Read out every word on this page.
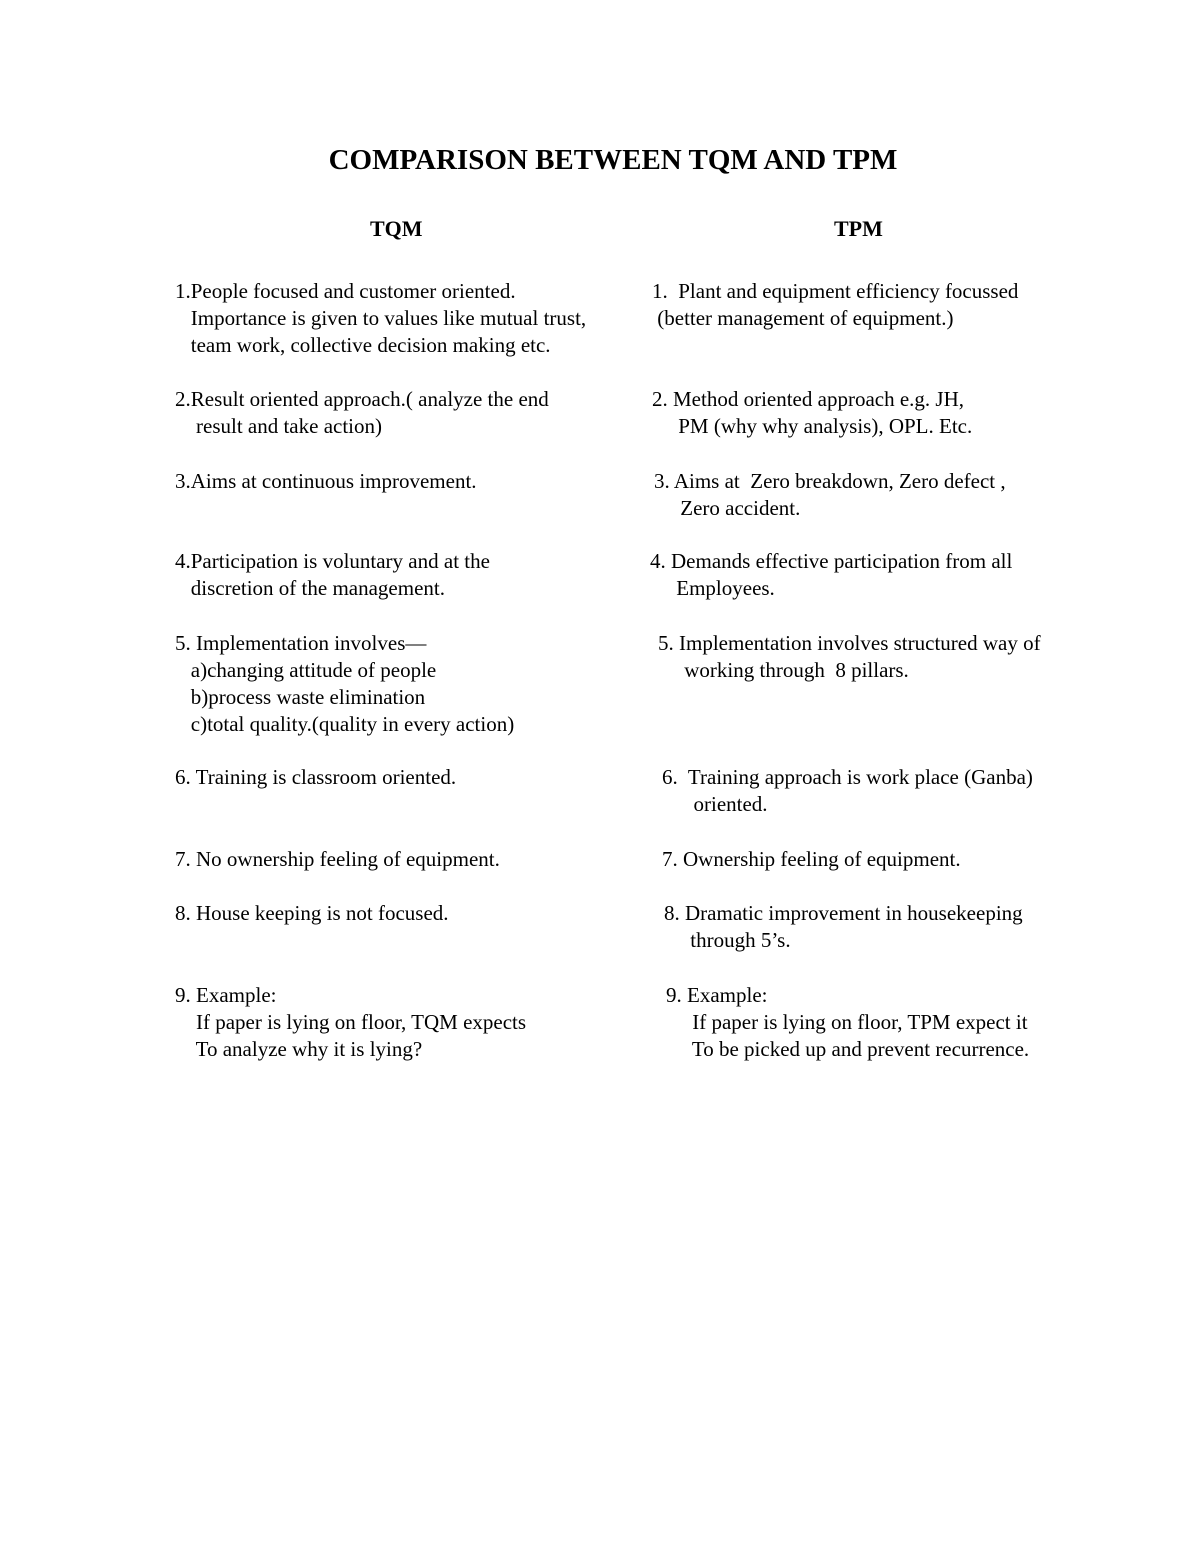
COMPARISON BETWEEN TQM AND TPM
TQM	TPM
1.People focused and customer oriented.
Importance is given to values like mutual trust,
team work, collective decision making etc.
2.Result oriented approach.( analyze the end
result and take action)
3.Aims at continuous improvement.
4.Participation is voluntary and at the
discretion of the management.
5. Implementation involves—
a)changing attitude of people
b)process waste elimination
c)total quality.(quality in every action)
6. Training is classroom oriented.
7. No ownership feeling of equipment.
8. House keeping is not focused.
9. Example:
If paper is lying on floor, TQM expects
To analyze why it is lying?
1.  Plant and equipment efficiency focussed
(better management of equipment.)
2. Method oriented approach e.g. JH,
PM (why why analysis), OPL. Etc.
3. Aims at  Zero breakdown, Zero defect ,
Zero accident.
4. Demands effective participation from all
Employees.
5. Implementation involves structured way of
working through  8 pillars.
6.  Training approach is work place (Ganba)
oriented.
7. Ownership feeling of equipment.
8. Dramatic improvement in housekeeping
through 5’s.
9. Example:
If paper is lying on floor, TPM expect it
To be picked up and prevent recurrence.
